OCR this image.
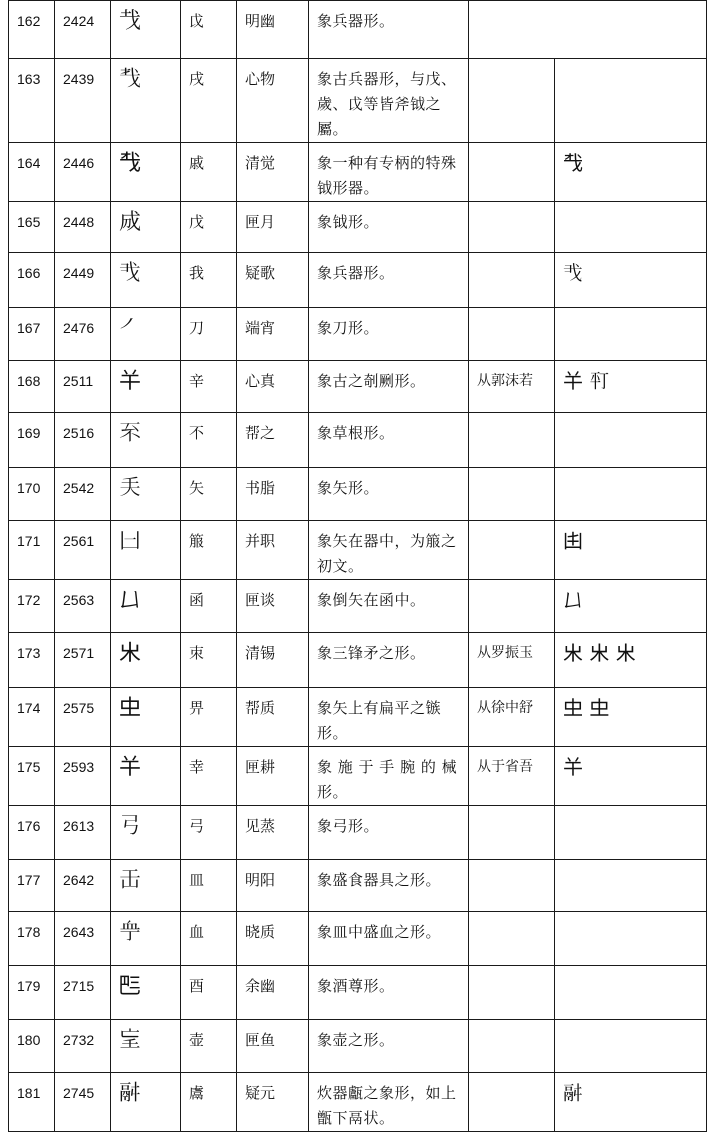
162	2424	𢦏	戉	明幽	象兵器形。		
163	2439	𢦒	戌	心物	象古兵器形，与戊、歲、戉等皆斧钺之屬。		
164	2446	𢦔	戚	清觉	象一种有专柄的特殊钺形器。		𢦔
165	2448	𢦓	戊	匣月	象钺形。		
166	2449	𢦐	我	疑歌	象兵器形。		𢦐
167	2476	㇒	刀	端宵	象刀形。		
168	2511	𢆉	辛	心真	象古之剞劂形。	从郭沫若	𢆉 𢆊
169	2516	𠀚	不	帮之	象草根形。		
170	2542	𠂕	矢	书脂	象矢形。		
171	2561	𠙵	箙	并职	象矢在器中，为箙之初文。		𠙹
172	2563	𠙴	函	匣谈	象倒矢在函中。		𠙴
173	2571	𣎵	朿	清锡	象三锋矛之形。	从罗振玉	𣎵 𣎵 𣎵
174	2575	𠀐	畀	帮质	象矢上有扁平之镞形。	从徐中舒	𠀐 𠀐
175	2593	𢆉	幸	匣耕	象 施 于 手 腕 的 械形。	从于省吾	𢆉
176	2613	𢎗	弓	见蒸	象弓形。		
177	2642	𠙻	皿	明阳	象盛食器具之形。		
178	2643	𧖧	血	晓质	象皿中盛血之形。		
179	2715	𠀧	酉	余幽	象酒尊形。		
180	2732	𡔞	壶	匣鱼	象壶之形。		
181	2745	𩰫	鬳	疑元	炊器甗之象形，如上甑下鬲状。		𩰫
